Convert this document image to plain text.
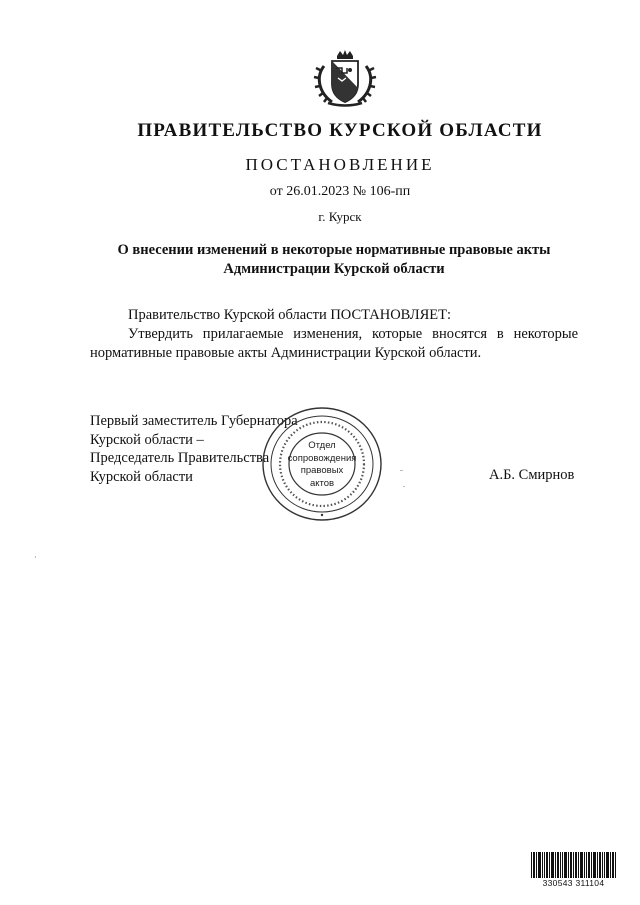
ПРАВИТЕЛЬСТВО КУРСКОЙ ОБЛАСТИ
ПОСТАНОВЛЕНИЕ
от 26.01.2023 № 106-пп
г. Курск
О внесении изменений в некоторые нормативные правовые акты Администрации Курской области

Правительство Курской области ПОСТАНОВЛЯЕТ:

Утвердить прилагаемые изменения, которые вносятся в некоторые нормативные правовые акты Администрации Курской области.

Первый заместитель Губернатора
Курской области –
Председатель Правительства
Курской области	А.Б. Смирнов
Отдел
сопровождения
правовых
актов
330543 311104
